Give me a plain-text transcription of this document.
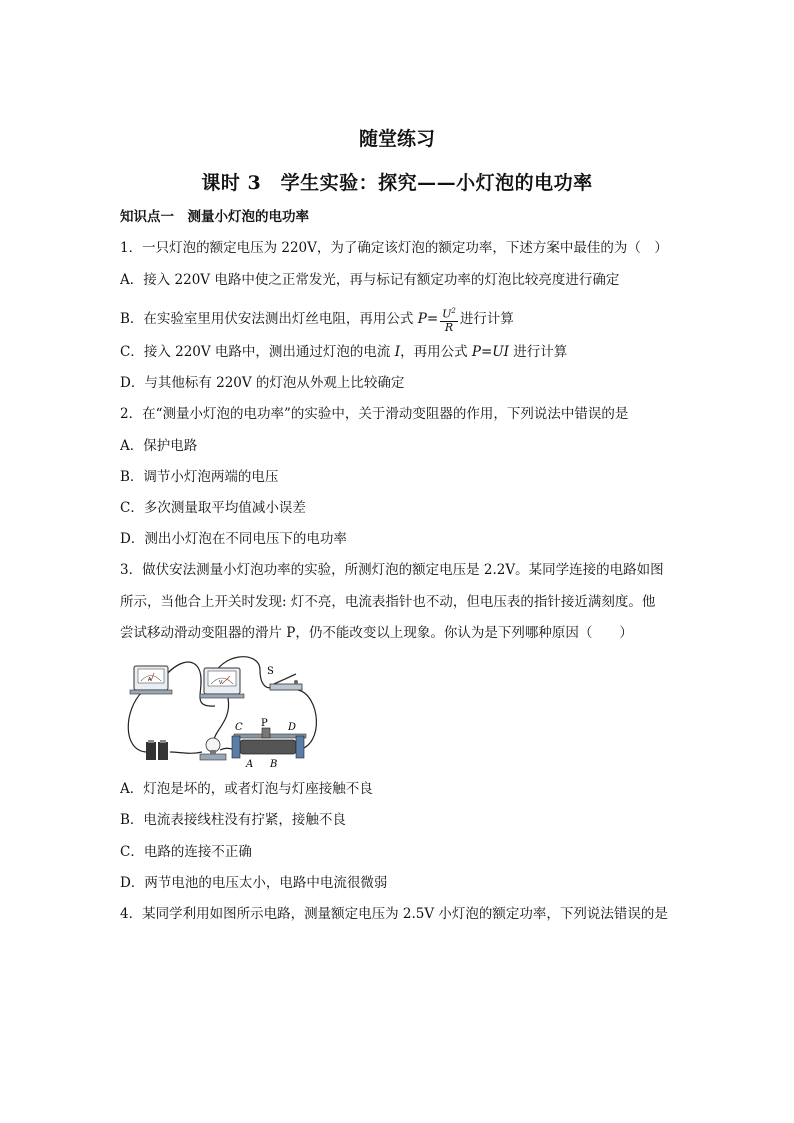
随堂练习
课时 3　学生实验：探究——小灯泡的电功率
知识点一　测量小灯泡的电功率
1．一只灯泡的额定电压为 220V，为了确定该灯泡的额定功率，下述方案中最佳的为（　）
A．接入 220V 电路中使之正常发光，再与标记有额定功率的灯泡比较亮度进行确定
B．在实验室里用伏安法测出灯丝电阻，再用公式 $P= \frac{U^2}{R}$ 进行计算
C．接入 220V 电路中，测出通过灯泡的电流 I，再用公式 P=UI 进行计算
D．与其他标有 220V 的灯泡从外观上比较确定
2．在“测量小灯泡的电功率”的实验中，关于滑动变阻器的作用，下列说法中错误的是
A．保护电路
B．调节小灯泡两端的电压
C．多次测量取平均值减小误差
D．测出小灯泡在不同电压下的电功率
3．做伏安法测量小灯泡功率的实验，所测灯泡的额定电压是 2.2V。某同学连接的电路如图
所示，当他合上开关时发现: 灯不亮，电流表指针也不动，但电压表的指针接近满刻度。他
尝试移动滑动变阻器的滑片 P，仍不能改变以上现象。你认为是下列哪种原因（　　）
A	V
S
C P D
A B
A．灯泡是坏的，或者灯泡与灯座接触不良
B．电流表接线柱没有拧紧，接触不良
C．电路的连接不正确
D．两节电池的电压太小，电路中电流很微弱
4．某同学利用如图所示电路，测量额定电压为 2.5V 小灯泡的额定功率，下列说法错误的是
